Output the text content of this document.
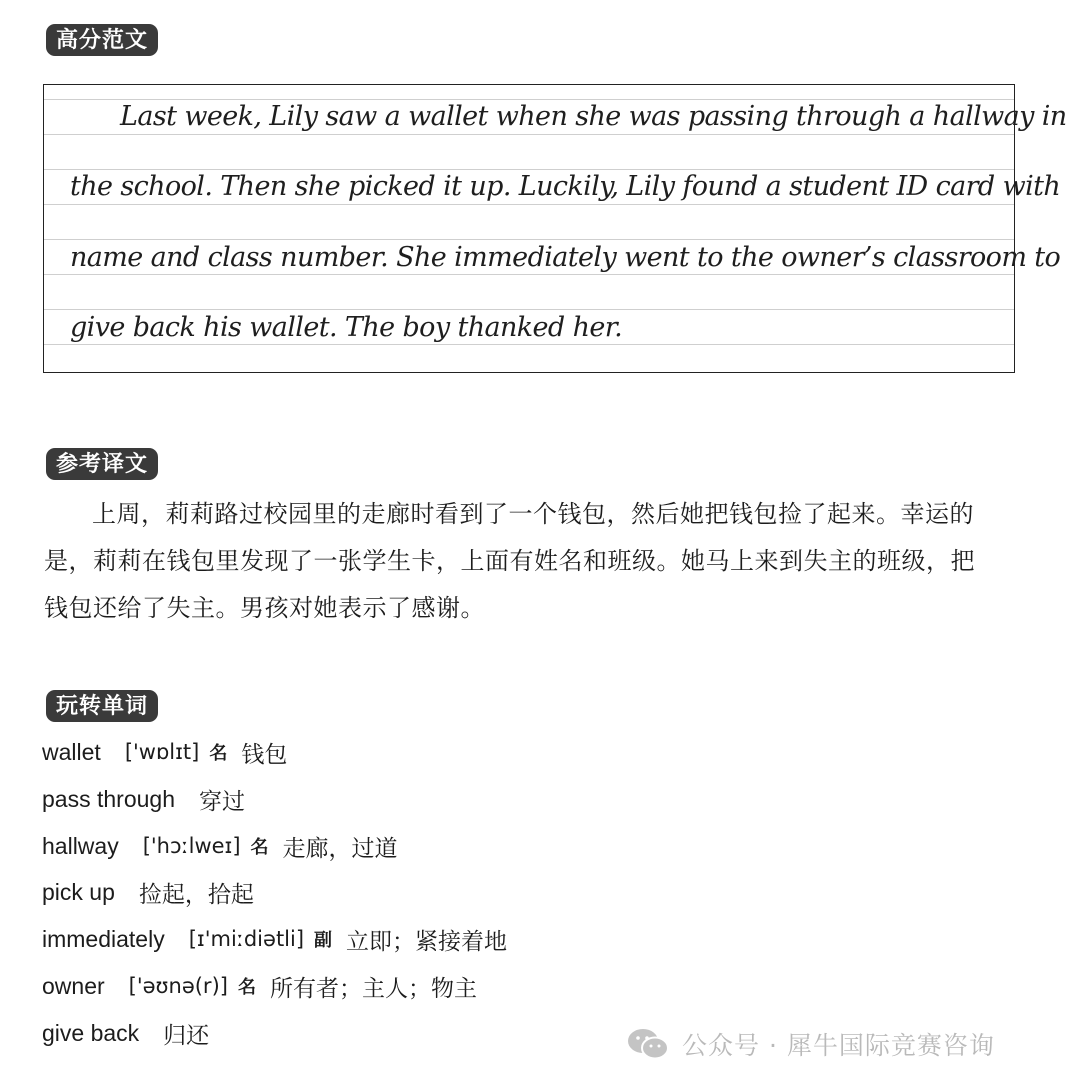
高分范文
Last week, Lily saw a wallet when she was passing through a hallway in
the school. Then she picked it up. Luckily, Lily found a student ID card with
name and class number. She immediately went to the owner’s classroom to
give back his wallet. The boy thanked her.
参考译文
上周，莉莉路过校园里的走廊时看到了一个钱包，然后她把钱包捡了起来。幸运的
是，莉莉在钱包里发现了一张学生卡，上面有姓名和班级。她马上来到失主的班级，把
钱包还给了失主。男孩对她表示了感谢。
玩转单词
wallet ['wɒlɪt] 名 钱包
pass through 穿过
hallway ['hɔːlweɪ] 名 走廊，过道
pick up 捡起，拾起
immediately [ɪ'miːdiətli] 副 立即；紧接着地
owner ['əʊnə(r)] 名 所有者；主人；物主
give back 归还	公众号 · 犀牛国际竞赛咨询
